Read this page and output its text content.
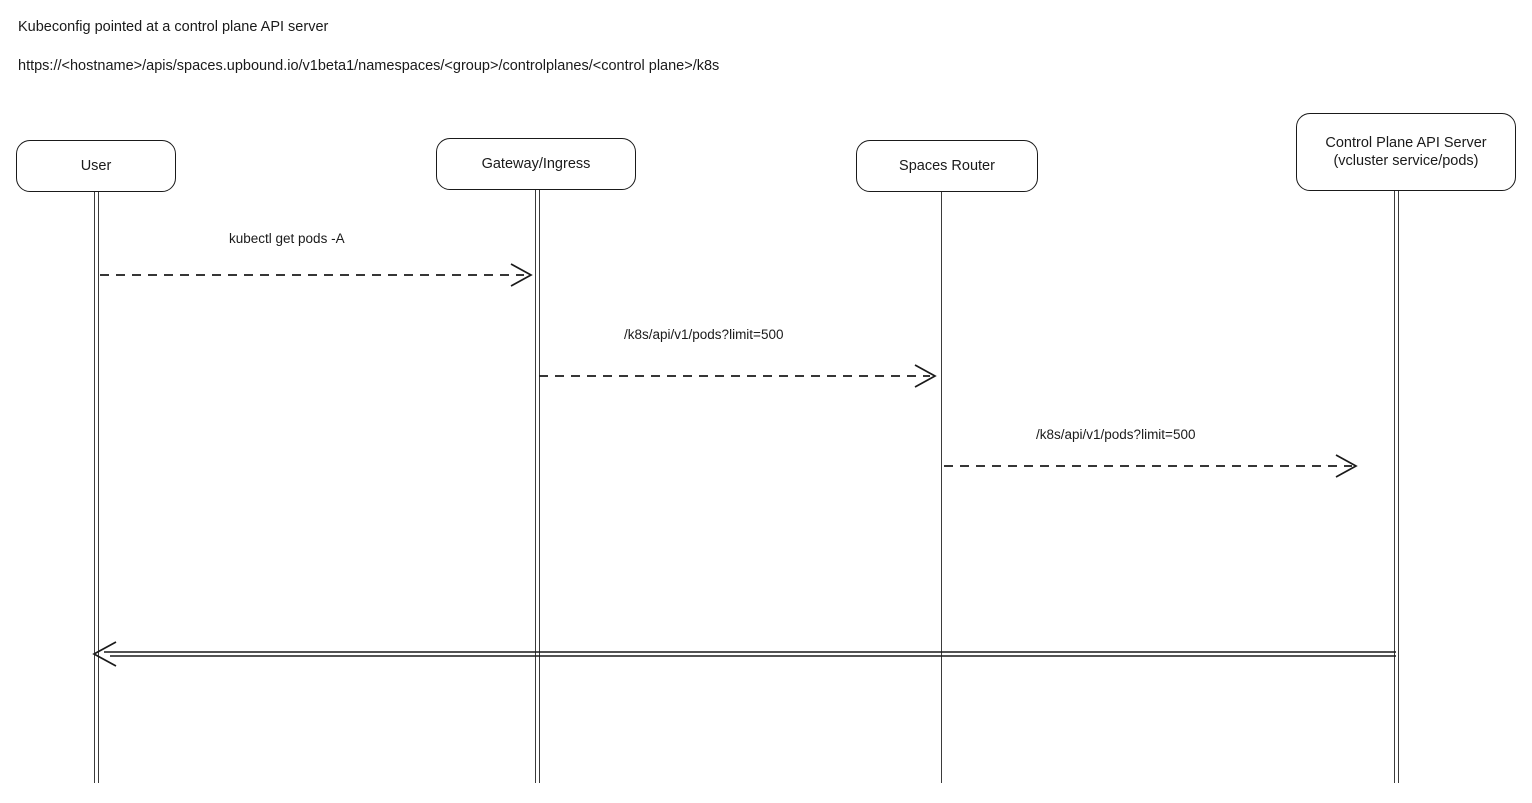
Kubeconfig pointed at a control plane API server
https://<hostname>/apis/spaces.upbound.io/v1beta1/namespaces/<group>/controlplanes/<control plane>/k8s
User	Gateway/Ingress	Spaces Router
Control Plane API Server
(vcluster service/pods)
kubectl get pods -A
/k8s/api/v1/pods?limit=500
/k8s/api/v1/pods?limit=500
